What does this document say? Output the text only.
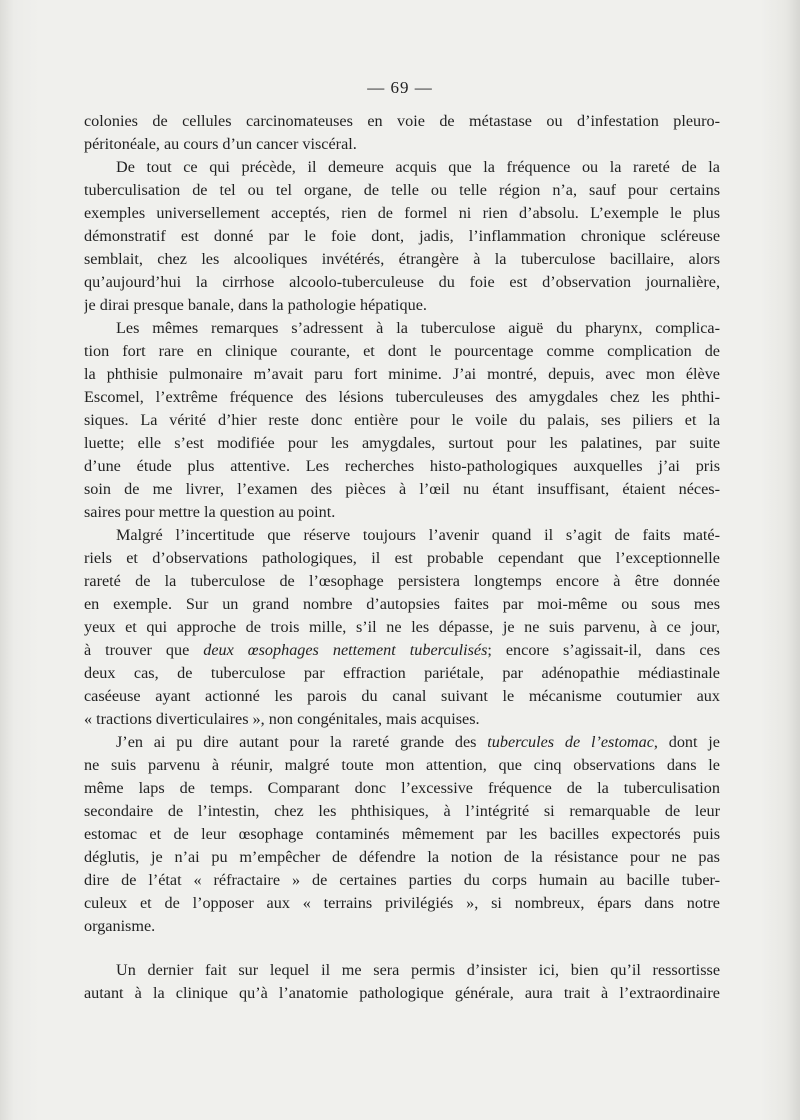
— 69 —
colonies de cellules carcinomateuses en voie de métastase ou d’infestation pleuro-
péritonéale, au cours d’un cancer viscéral.
De tout ce qui précède, il demeure acquis que la fréquence ou la rareté de la
tuberculisation de tel ou tel organe, de telle ou telle région n’a, sauf pour certains
exemples universellement acceptés, rien de formel ni rien d’absolu. L’exemple le plus
démonstratif est donné par le foie dont, jadis, l’inflammation chronique scléreuse
semblait, chez les alcooliques invétérés, étrangère à la tuberculose bacillaire, alors
qu’aujourd’hui la cirrhose alcoolo-tuberculeuse du foie est d’observation journalière,
je dirai presque banale, dans la pathologie hépatique.
Les mêmes remarques s’adressent à la tuberculose aiguë du pharynx, complica-
tion fort rare en clinique courante, et dont le pourcentage comme complication de
la phthisie pulmonaire m’avait paru fort minime. J’ai montré, depuis, avec mon élève
Escomel, l’extrême fréquence des lésions tuberculeuses des amygdales chez les phthi-
siques. La vérité d’hier reste donc entière pour le voile du palais, ses piliers et la
luette; elle s’est modifiée pour les amygdales, surtout pour les palatines, par suite
d’une étude plus attentive. Les recherches histo-pathologiques auxquelles j’ai pris
soin de me livrer, l’examen des pièces à l’œil nu étant insuffisant, étaient néces-
saires pour mettre la question au point.
Malgré l’incertitude que réserve toujours l’avenir quand il s’agit de faits maté-
riels et d’observations pathologiques, il est probable cependant que l’exceptionnelle
rareté de la tuberculose de l’œsophage persistera longtemps encore à être donnée
en exemple. Sur un grand nombre d’autopsies faites par moi-même ou sous mes
yeux et qui approche de trois mille, s’il ne les dépasse, je ne suis parvenu, à ce jour,
à trouver que deux œsophages nettement tuberculisés; encore s’agissait-il, dans ces
deux cas, de tuberculose par effraction pariétale, par adénopathie médiastinale
caséeuse ayant actionné les parois du canal suivant le mécanisme coutumier aux
« tractions diverticulaires », non congénitales, mais acquises.
J’en ai pu dire autant pour la rareté grande des tubercules de l’estomac, dont je
ne suis parvenu à réunir, malgré toute mon attention, que cinq observations dans le
même laps de temps. Comparant donc l’excessive fréquence de la tuberculisation
secondaire de l’intestin, chez les phthisiques, à l’intégrité si remarquable de leur
estomac et de leur œsophage contaminés mêmement par les bacilles expectorés puis
déglutis, je n’ai pu m’empêcher de défendre la notion de la résistance pour ne pas
dire de l’état « réfractaire » de certaines parties du corps humain au bacille tuber-
culeux et de l’opposer aux « terrains privilégiés », si nombreux, épars dans notre
organisme.
Un dernier fait sur lequel il me sera permis d’insister ici, bien qu’il ressortisse
autant à la clinique qu’à l’anatomie pathologique générale, aura trait à l’extraordinaire
